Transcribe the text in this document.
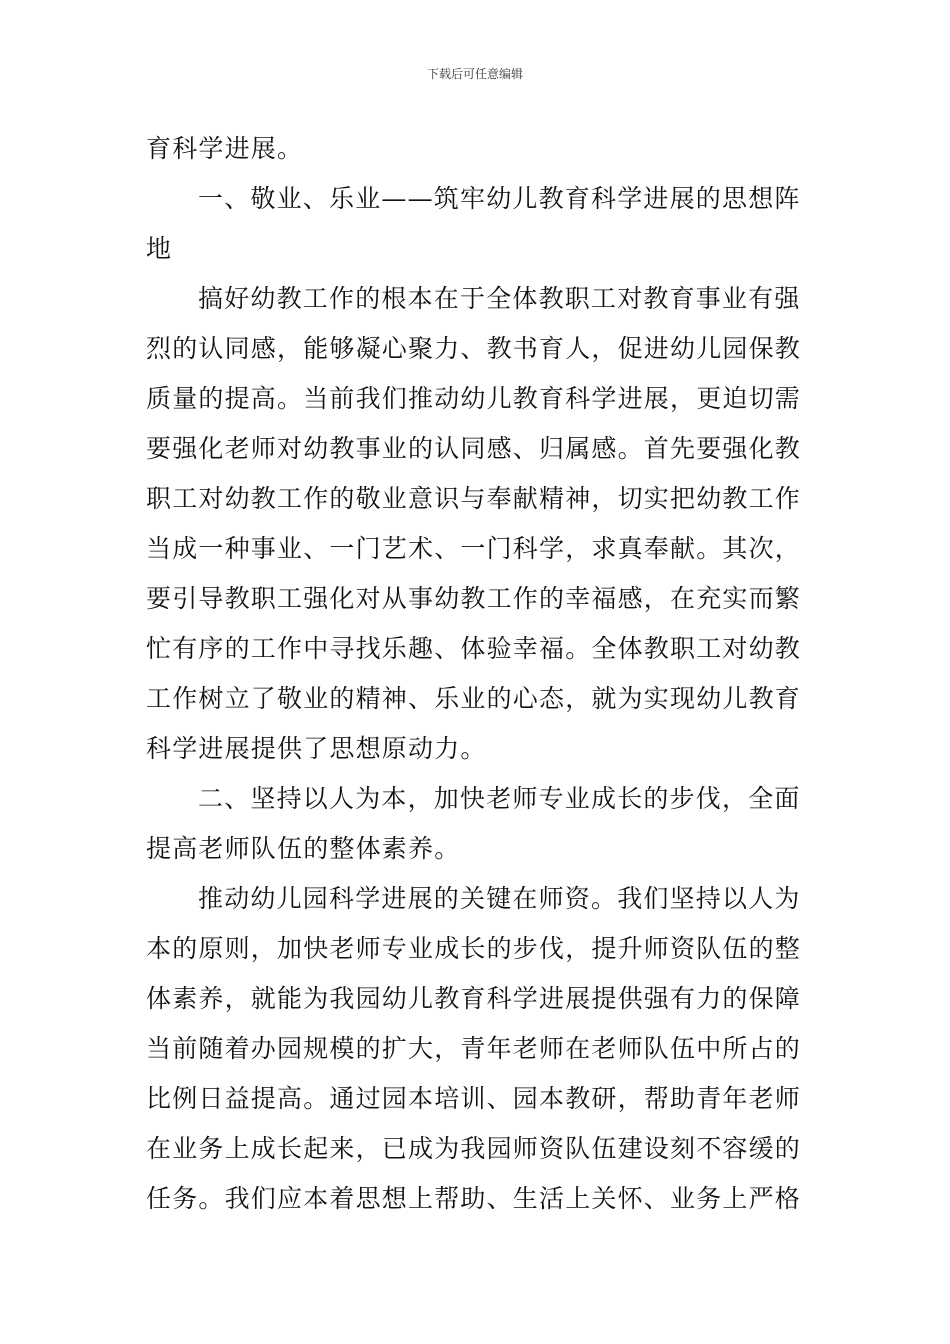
下载后可任意编辑
育科学进展。
一、敬业、乐业——筑牢幼儿教育科学进展的思想阵
地
搞好幼教工作的根本在于全体教职工对教育事业有强
烈的认同感，能够凝心聚力、教书育人，促进幼儿园保教
质量的提高。当前我们推动幼儿教育科学进展，更迫切需
要强化老师对幼教事业的认同感、归属感。首先要强化教
职工对幼教工作的敬业意识与奉献精神，切实把幼教工作
当成一种事业、一门艺术、一门科学，求真奉献。其次，
要引导教职工强化对从事幼教工作的幸福感，在充实而繁
忙有序的工作中寻找乐趣、体验幸福。全体教职工对幼教
工作树立了敬业的精神、乐业的心态，就为实现幼儿教育
科学进展提供了思想原动力。
二、坚持以人为本，加快老师专业成长的步伐，全面
提高老师队伍的整体素养。
推动幼儿园科学进展的关键在师资。我们坚持以人为
本的原则，加快老师专业成长的步伐，提升师资队伍的整
体素养，就能为我园幼儿教育科学进展提供强有力的保障
当前随着办园规模的扩大，青年老师在老师队伍中所占的
比例日益提高。通过园本培训、园本教研，帮助青年老师
在业务上成长起来，已成为我园师资队伍建设刻不容缓的
任务。我们应本着思想上帮助、生活上关怀、业务上严格
